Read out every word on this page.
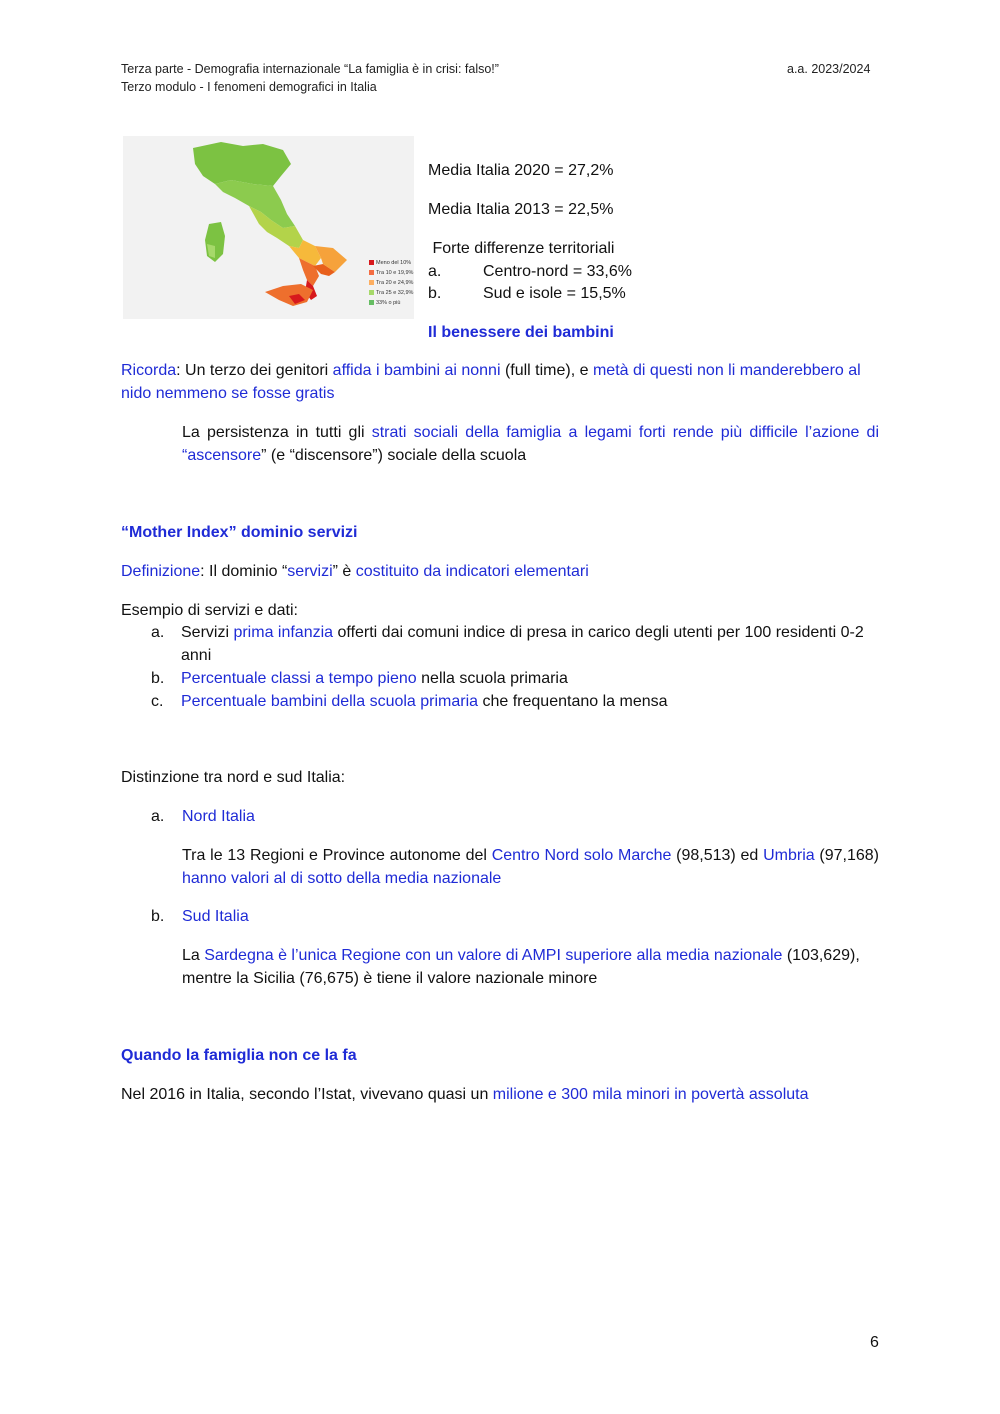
Terza parte - Demografia internazionale “La famiglia è in crisi: falso!”
Terzo modulo - I fenomeni demografici in Italia
a.a. 2023/2024
Meno del 10%
Tra 10 e 19,9%
Tra 20 e 24,9%
Tra 25 e 32,9%
33% o più
Media Italia 2020 = 27,2%
Media Italia 2013 = 22,5%
Forte differenze territoriali
a.	Centro-nord = 33,6%
b.	Sud e isole = 15,5%
Il benessere dei bambini
Ricorda: Un terzo dei genitori affida i bambini ai nonni (full time), e metà di questi non li manderebbero al nido nemmeno se fosse gratis
La persistenza in tutti gli strati sociali della famiglia a legami forti rende più difficile l’azione di “ascensore” (e “discensore”) sociale della scuola
“Mother Index” dominio servizi
Definizione: Il dominio “servizi” è costituito da indicatori elementari
Esempio di servizi e dati:
a. Servizi prima infanzia offerti dai comuni indice di presa in carico degli utenti per 100 residenti 0-2 anni
b. Percentuale classi a tempo pieno nella scuola primaria
c. Percentuale bambini della scuola primaria che frequentano la mensa
Distinzione tra nord e sud Italia:
a. Nord Italia
Tra le 13 Regioni e Province autonome del Centro Nord solo Marche (98,513) ed Umbria (97,168) hanno valori al di sotto della media nazionale
b. Sud Italia
La Sardegna è l’unica Regione con un valore di AMPI superiore alla media nazionale (103,629), mentre la Sicilia (76,675) è tiene il valore nazionale minore
Quando la famiglia non ce la fa
Nel 2016 in Italia, secondo l’Istat, vivevano quasi un milione e 300 mila minori in povertà assoluta
6
